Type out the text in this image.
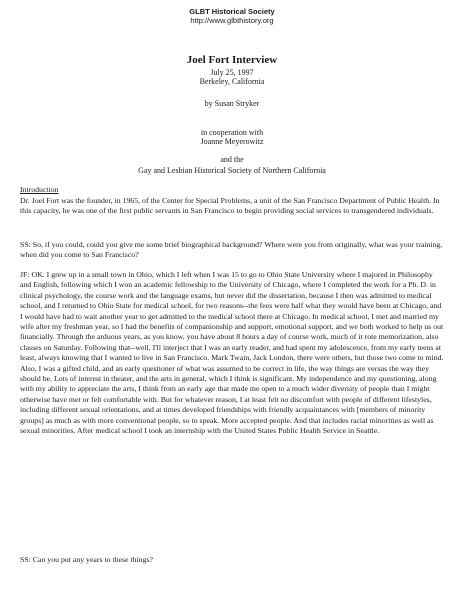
GLBT Historical Society
http://www.glbthistory.org
Joel Fort Interview
July 25, 1997
Berkeley, California
by Susan Stryker
in cooperation with
Joanne Meyerowitz
and the
Gay and Lesbian Historical Society of Northern California
Introduction

Dr. Joel Fort was the founder, in 1965, of the Center for Special Problems, a unit of the San Francisco Department of Public Health. In this capacity, he was one of the first public servants in San Francisco to begin providing social services to transgendered individuals.

SS: So, if you could, could you give me some brief biographical background? Where were you from originally, what was your training, when did you come to San Francisco?

JF: OK. I grew up in a small town in Ohio, which I left when I was 15 to go to Ohio State University where I majored in Philosophy and English, following which I won an academic fellowship to the University of Chicago, where I completed the work for a Ph. D. in clinical psychology, the course work and the language exams, but never did the dissertation, because I then was admitted to medical school, and I returned to Ohio State for medical school, for two reasons--the fees were half what they would have been at Chicago, and I would have had to wait another year to get admitted to the medical school there at Chicago. In medical school, I met and married my wife after my freshman year, so I had the benefits of companionship and support, emotional support, and we both worked to help us out financially. Through the arduous years, as you know, you have about 8 hours a day of course work, much of it rote memorization, also classes on Saturday. Following that--well, I'll interject that I was an early reader, and had spent my adolescence, from my early teens at least, always knowing that I wanted to live in San Francisco. Mark Twain, Jack London, there were others, but those two come to mind. Also, I was a gifted child, and an early questioner of what was assumed to be correct in life, the way things are versus the way they should be. Lots of interest in theater, and the arts in general, which I think is significant. My independence and my questioning, along with my ability to appreciate the arts, I think from an early age that made me open to a much wider diversity of people than I might otherwise have met or felt comfortable with. But for whatever reason, I at least felt no discomfort with people of different lifestyles, including different sexual orientations, and at times developed friendships with friendly acquaintances with [members of minority groups] as much as with more conventional people, so to speak. More accepted people. And that includes racial minorities as well as sexual minorities. After medical school I took an internship with the United States Public Health Service in Seattle.

SS: Can you put any years to these things?
